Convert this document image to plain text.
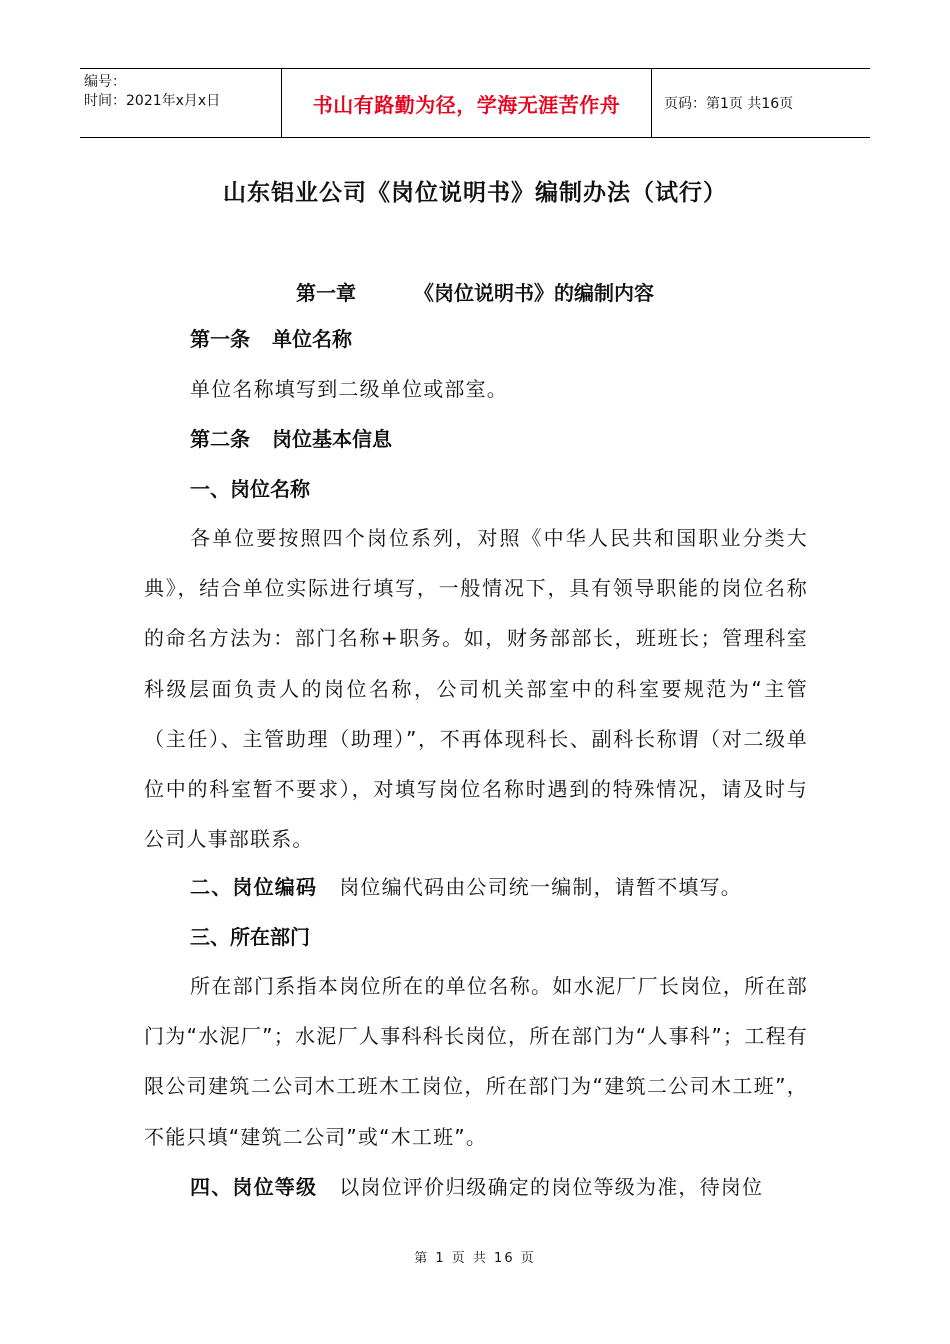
编号：
时间：2021年x月x日	书山有路勤为径，学海无涯苦作舟	页码：第1页 共16页
山东铝业公司《岗位说明书》编制办法（试行）
第一章	《岗位说明书》的编制内容
第一条 单位名称
单位名称填写到二级单位或部室。
第二条 岗位基本信息
一、岗位名称
各单位要按照四个岗位系列，对照《中华人民共和国职业分类大典》，结合单位实际进行填写，一般情况下，具有领导职能的岗位名称的命名方法为：部门名称+职务。如，财务部部长，班班长；管理科室科级层面负责人的岗位名称，公司机关部室中的科室要规范为“主管（主任）、主管助理（助理）”，不再体现科长、副科长称谓（对二级单位中的科室暂不要求），对填写岗位名称时遇到的特殊情况，请及时与公司人事部联系。
二、岗位编码 岗位编代码由公司统一编制，请暂不填写。
三、所在部门
所在部门系指本岗位所在的单位名称。如水泥厂厂长岗位，所在部门为“水泥厂”；水泥厂人事科科长岗位，所在部门为“人事科”；工程有限公司建筑二公司木工班木工岗位，所在部门为“建筑二公司木工班”，不能只填“建筑二公司”或“木工班”。
四、岗位等级 以岗位评价归级确定的岗位等级为准，待岗位
第 1 页 共 16 页
